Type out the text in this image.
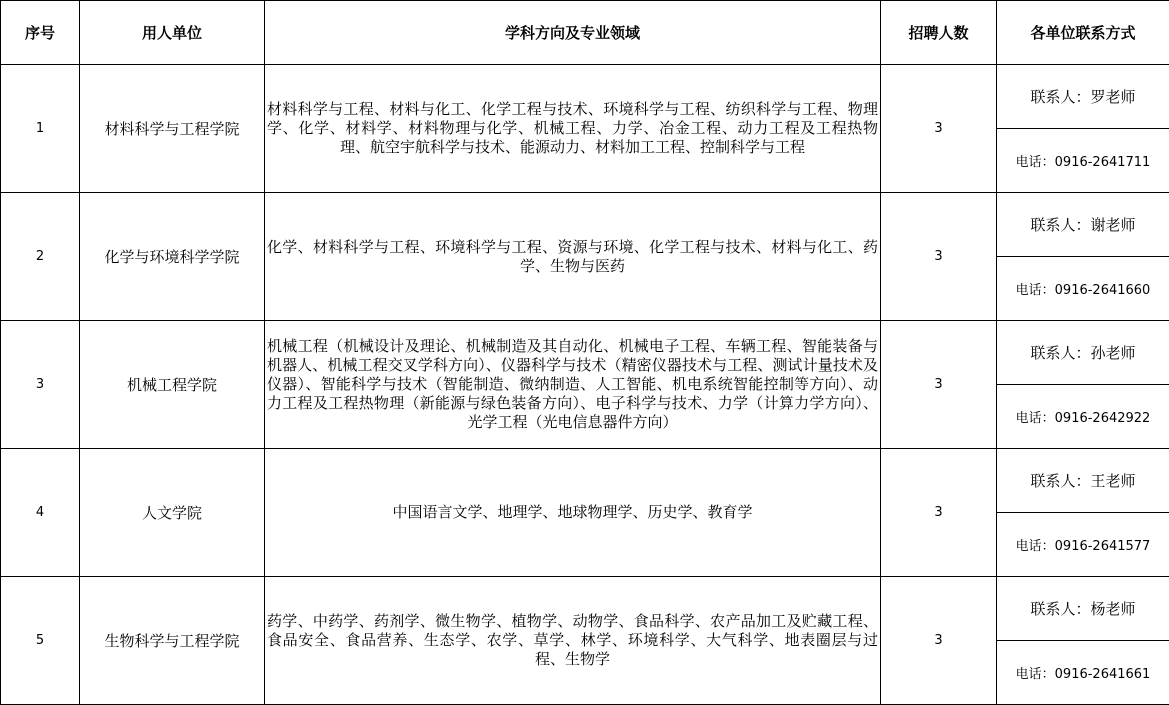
序号	用人单位	学科方向及专业领域	招聘人数	各单位联系方式
1	材料科学与工程学院	材料科学与工程、材料与化工、化学工程与技术、环境科学与工程、纺织科学与工程、物理学、化学、材料学、材料物理与化学、机械工程、力学、冶金工程、动力工程及工程热物理、航空宇航科学与技术、能源动力、材料加工工程、控制科学与工程	3	联系人：罗老师
				电话：0916-2641711
2	化学与环境科学学院	化学、材料科学与工程、环境科学与工程、资源与环境、化学工程与技术、材料与化工、药学、生物与医药	3	联系人：谢老师
				电话：0916-2641660
3	机械工程学院	机械工程（机械设计及理论、机械制造及其自动化、机械电子工程、车辆工程、智能装备与机器人、机械工程交叉学科方向）、仪器科学与技术（精密仪器技术与工程、测试计量技术及仪器）、智能科学与技术（智能制造、微纳制造、人工智能、机电系统智能控制等方向）、动力工程及工程热物理（新能源与绿色装备方向）、电子科学与技术、力学（计算力学方向）、光学工程（光电信息器件方向）	3	联系人：孙老师
				电话：0916-2642922
4	人文学院	中国语言文学、地理学、地球物理学、历史学、教育学	3	联系人：王老师
				电话：0916-2641577
5	生物科学与工程学院	药学、中药学、药剂学、微生物学、植物学、动物学、食品科学、农产品加工及贮藏工程、食品安全、食品营养、生态学、农学、草学、林学、环境科学、大气科学、地表圈层与过程、生物学	3	联系人：杨老师
				电话：0916-2641661
